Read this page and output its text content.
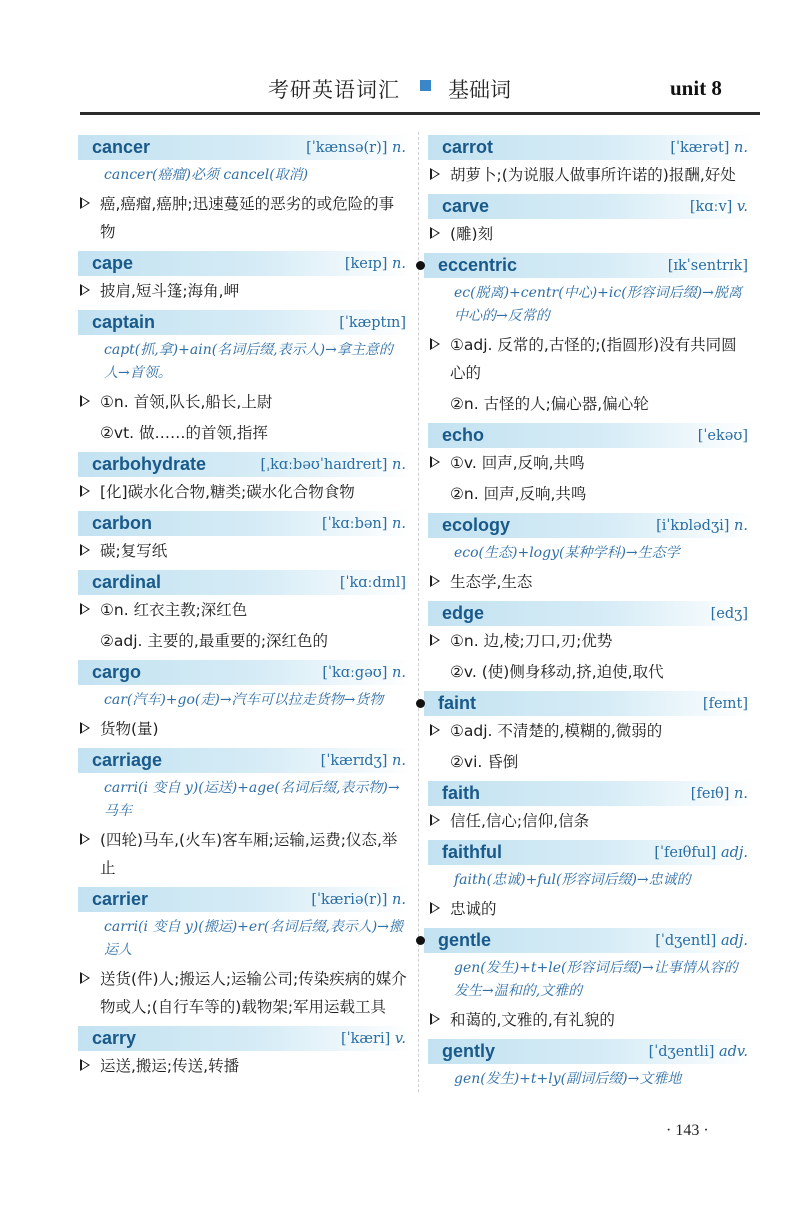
考研英语词汇 基础词	unit 8
cancer	[ˈkænsə(r)] n.
cancer(癌瘤)必须 cancel(取消)
癌,癌瘤,癌肿;迅速蔓延的恶劣的或危险的事物
cape	[keɪp] n.
披肩,短斗篷;海角,岬
captain	[ˈkæptɪn]
capt(抓,拿)+ain(名词后缀,表示人)→拿主意的人→首领。
①n. 首领,队长,船长,上尉
②vt. 做……的首领,指挥
carbohydrate	[ˌkɑːbəʊˈhaɪdreɪt] n.
[化]碳水化合物,糖类;碳水化合物食物
carbon	[ˈkɑːbən] n.
碳;复写纸
cardinal	[ˈkɑːdɪnl]
①n. 红衣主教;深红色
②adj. 主要的,最重要的;深红色的
cargo	[ˈkɑːgəʊ] n.
car(汽车)+go(走)→汽车可以拉走货物→货物
货物(量)
carriage	[ˈkærɪdʒ] n.
carri(i 变自 y)(运送)+age(名词后缀,表示物)→马车
(四轮)马车,(火车)客车厢;运输,运费;仪态,举止
carrier	[ˈkæriə(r)] n.
carri(i 变自 y)(搬运)+er(名词后缀,表示人)→搬运人
送货(件)人;搬运人;运输公司;传染疾病的媒介物或人;(自行车等的)载物架;军用运载工具
carry	[ˈkæri] v.
运送,搬运;传送,转播
carrot	[ˈkærət] n.
胡萝卜;(为说服人做事所许诺的)报酬,好处
carve	[kɑːv] v.
(雕)刻
eccentric	[ɪkˈsentrɪk]
ec(脱离)+centr(中心)+ic(形容词后缀)→脱离中心的→反常的
①adj. 反常的,古怪的;(指圆形)没有共同圆心的
②n. 古怪的人;偏心器,偏心轮
echo	[ˈekəʊ]
①v. 回声,反响,共鸣
②n. 回声,反响,共鸣
ecology	[iˈkɒlədʒi] n.
eco(生态)+logy(某种学科)→生态学
生态学,生态
edge	[edʒ]
①n. 边,棱;刀口,刃;优势
②v. (使)侧身移动,挤,迫使,取代
faint	[feɪnt]
①adj. 不清楚的,模糊的,微弱的
②vi. 昏倒
faith	[feɪθ] n.
信任,信心;信仰,信条
faithful	[ˈfeɪθful] adj.
faith(忠诚)+ful(形容词后缀)→忠诚的
忠诚的
gentle	[ˈdʒentl] adj.
gen(发生)+t+le(形容词后缀)→让事情从容的发生→温和的,文雅的
和蔼的,文雅的,有礼貌的
gently	[ˈdʒentli] adv.
gen(发生)+t+ly(副词后缀)→文雅地
· 143 ·
